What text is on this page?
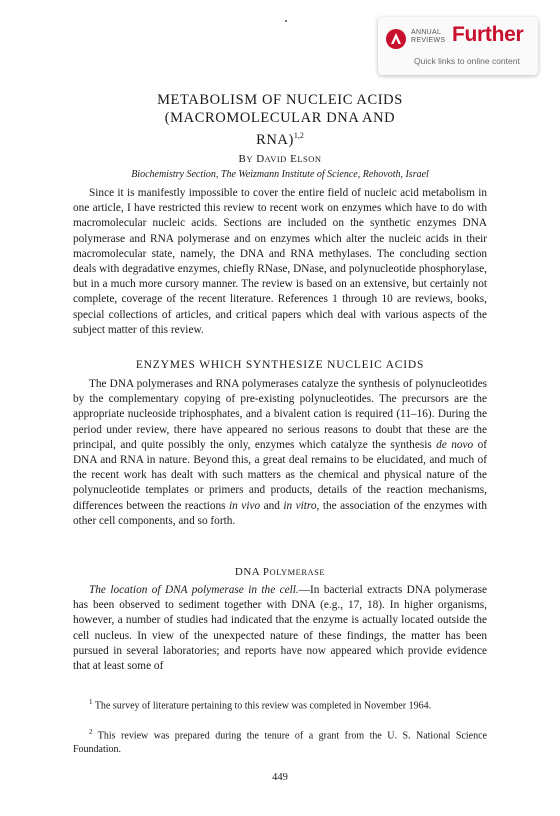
ANNUAL
REVIEWS Further
Quick links to online content
METABOLISM OF NUCLEIC ACIDS
(MACROMOLECULAR DNA AND
RNA)$^{1,2}$
BY DAVID ELSON
Biochemistry Section, The Weizmann Institute of Science, Rehovoth, Israel

Since it is manifestly impossible to cover the entire field of nucleic acid metabolism in one article, I have restricted this review to recent work on enzymes which have to do with macromolecular nucleic acids. Sections are included on the synthetic enzymes DNA polymerase and RNA polymerase and on enzymes which alter the nucleic acids in their macromolecular state, namely, the DNA and RNA methylases. The concluding section deals with degradative enzymes, chiefly RNase, DNase, and polynucleotide phosphorylase, but in a much more cursory manner. The review is based on an extensive, but certainly not complete, coverage of the recent literature. References 1 through 10 are reviews, books, special collections of articles, and critical papers which deal with various aspects of the subject matter of this review.

ENZYMES WHICH SYNTHESIZE NUCLEIC ACIDS

The DNA polymerases and RNA polymerases catalyze the synthesis of polynucleotides by the complementary copying of pre-existing polynucleotides. The precursors are the appropriate nucleoside triphosphates, and a bivalent cation is required (11–16). During the period under review, there have appeared no serious reasons to doubt that these are the principal, and quite possibly the only, enzymes which catalyze the synthesis de novo of DNA and RNA in nature. Beyond this, a great deal remains to be elucidated, and much of the recent work has dealt with such matters as the chemical and physical nature of the polynucleotide templates or primers and products, details of the reaction mechanisms, differences between the reactions in vivo and in vitro, the association of the enzymes with other cell components, and so forth.

DNA POLYMERASE

The location of DNA polymerase in the cell.—In bacterial extracts DNA polymerase has been observed to sediment together with DNA (e.g., 17, 18). In higher organisms, however, a number of studies had indicated that the enzyme is actually located outside the cell nucleus. In view of the unexpected nature of these findings, the matter has been pursued in several laboratories; and reports have now appeared which provide evidence that at least some of

$^1$ The survey of literature pertaining to this review was completed in November 1964.
$^2$ This review was prepared during the tenure of a grant from the U. S. National Science Foundation.
449
